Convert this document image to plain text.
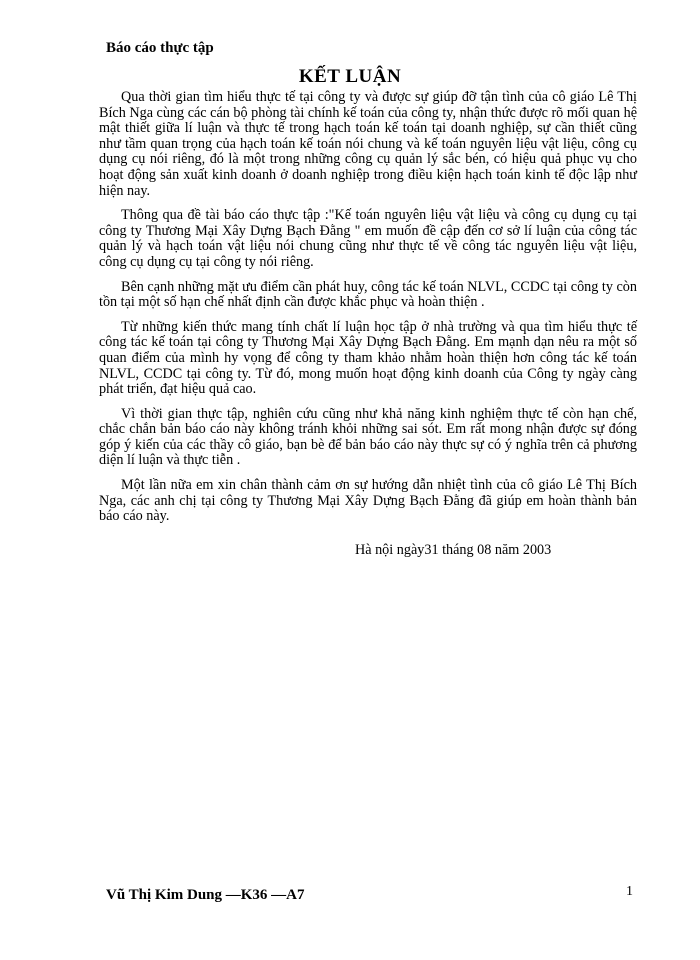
Báo cáo thực tập
KẾT LUẬN

Qua thời gian tìm hiểu thực tế tại công ty và được sự giúp đỡ tận tình của cô giáo Lê Thị Bích Nga cùng các cán bộ phòng tài chính kế toán của công ty, nhận thức được rõ mối quan hệ mật thiết giữa lí luận và thực tế trong hạch toán kế toán tại doanh nghiệp, sự cần thiết cũng như tầm quan trọng của hạch toán kế toán nói chung và kế toán nguyên liệu vật liệu, công cụ dụng cụ nói riêng, đó là một trong những công cụ quản lý sắc bén, có hiệu quả phục vụ cho hoạt động sản xuất kinh doanh ở doanh nghiệp trong điều kiện hạch toán kinh tế độc lập như hiện nay.

Thông qua đề tài báo cáo thực tập :"Kế toán nguyên liệu vật liệu và công cụ dụng cụ tại công ty Thương Mại Xây Dựng Bạch Đằng " em muốn đề cập đến cơ sở lí luận của công tác quản lý và hạch toán vật liệu nói chung cũng như thực tế về công tác nguyên liệu vật liệu, công cụ dụng cụ tại công ty nói riêng.

Bên cạnh những mặt ưu điểm cần phát huy, công tác kế toán NLVL, CCDC tại công ty còn tồn tại một số hạn chế nhất định cần được khắc phục và hoàn thiện .

Từ những kiến thức mang tính chất lí luận học tập ở nhà trường và qua tìm hiểu thực tế công tác kế toán tại công ty Thương Mại Xây Dựng Bạch Đằng. Em mạnh dạn nêu ra một số quan điểm của mình hy vọng để công ty tham khảo nhằm hoàn thiện hơn công tác kế toán NLVL, CCDC tại công ty. Từ đó, mong muốn hoạt động kinh doanh của Công ty ngày càng phát triển, đạt hiệu quả cao.

Vì thời gian thực tập, nghiên cứu cũng như khả năng kinh nghiệm thực tế còn hạn chế, chắc chắn bản báo cáo này không tránh khỏi những sai sót. Em rất mong nhận được sự đóng góp ý kiến của các thầy cô giáo, bạn bè để bản báo cáo này thực sự có ý nghĩa trên cả phương diện lí luận và thực tiễn .

Một lần nữa em xin chân thành cảm ơn sự hướng dẫn nhiệt tình của cô giáo Lê Thị Bích Nga, các anh chị tại công ty Thương Mại Xây Dựng Bạch Đằng đã giúp em hoàn thành bản báo cáo này.

Hà nội ngày31 tháng 08 năm 2003
Vũ Thị Kim Dung —K36 —A7	1
